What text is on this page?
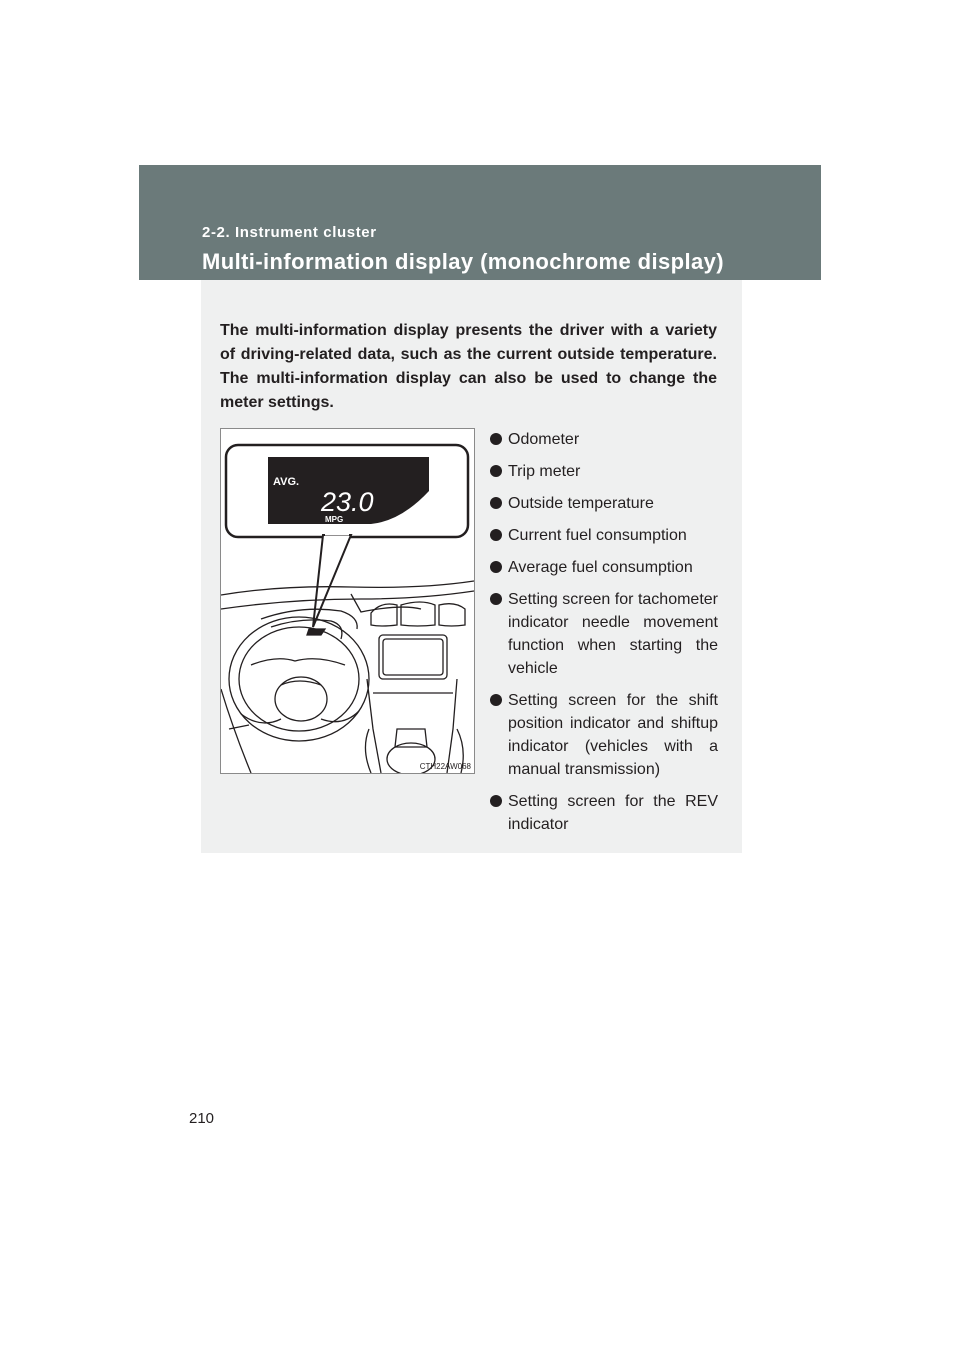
2-2. Instrument cluster
Multi-information display (monochrome display)

The multi-information display presents the driver with a variety of driving-related data, such as the current outside temperature. The multi-information display can also be used to change the meter settings.

AVG.
23.0
MPG
CTH22AW068
Odometer
Trip meter
Outside temperature
Current fuel consumption
Average fuel consumption
Setting screen for tachometer indicator needle movement function when starting the vehicle
Setting screen for the shift position indicator and shiftup indicator (vehicles with a manual transmission)
Setting screen for the REV indicator
210
